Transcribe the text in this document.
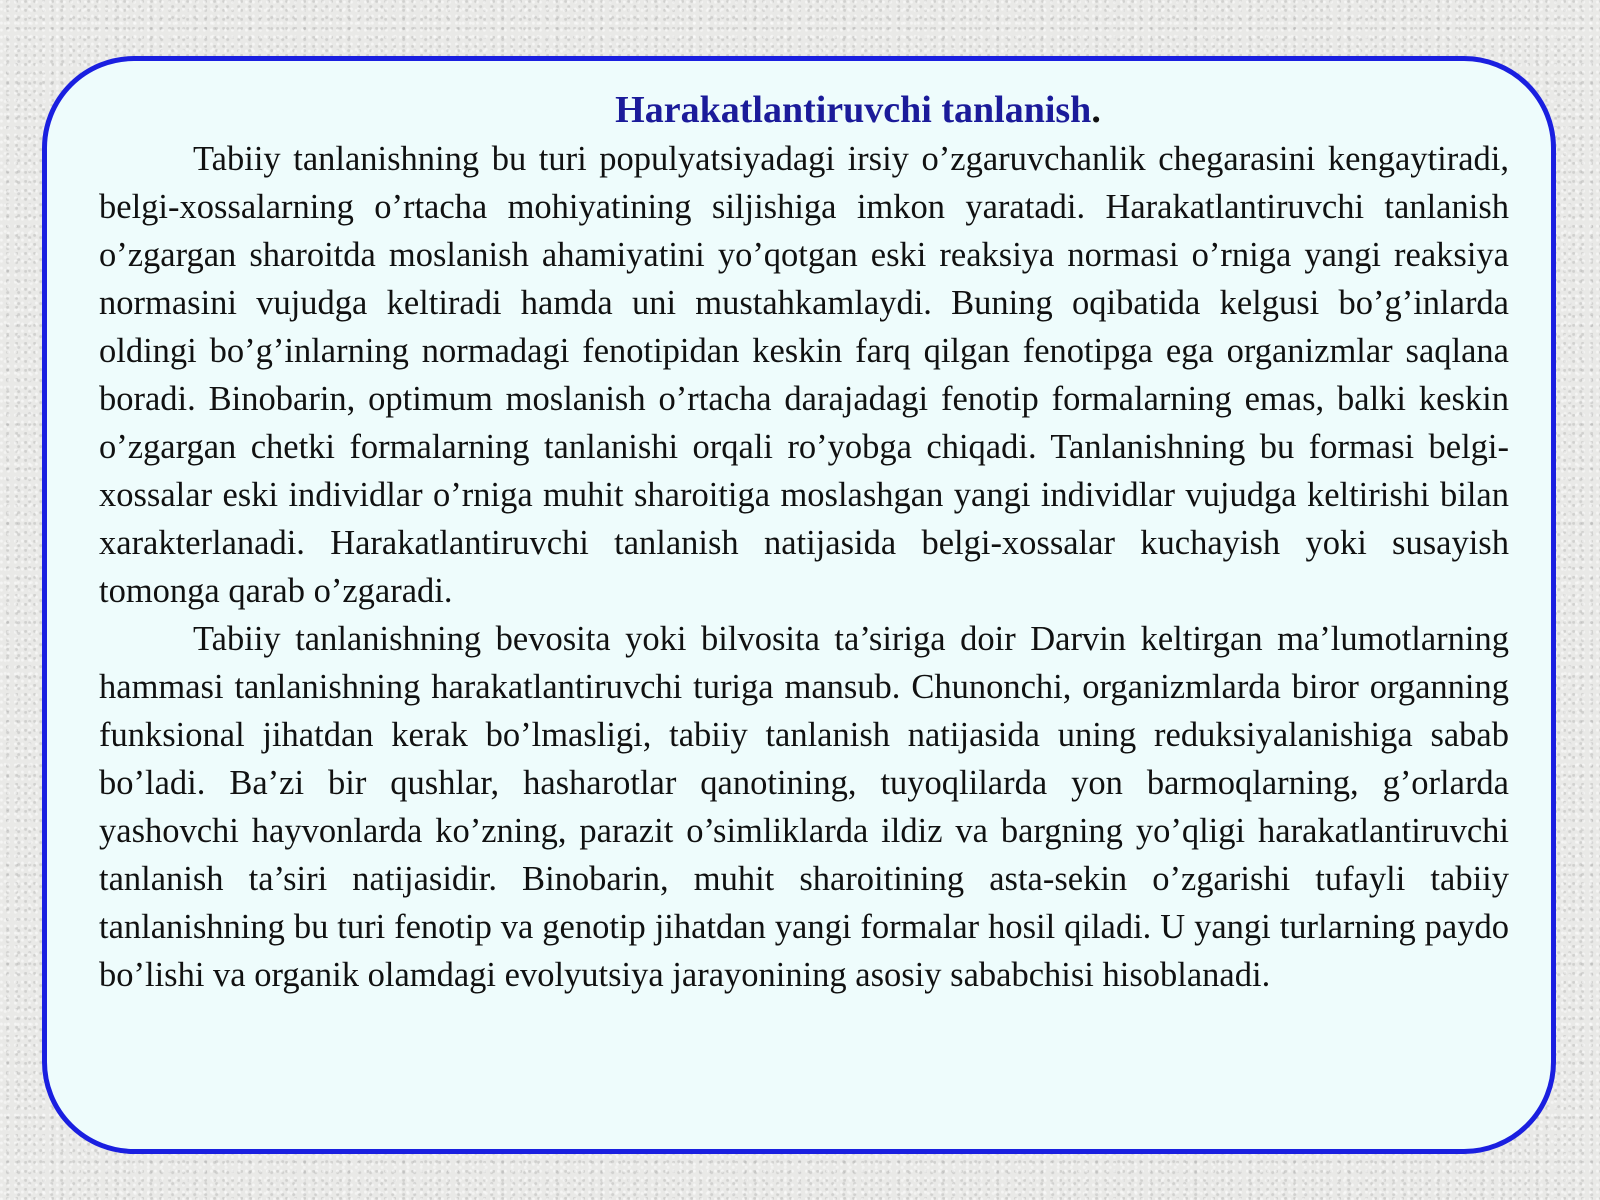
Harakatlantiruvchi tanlanish.

Tabiiy tanlanishning bu turi populyatsiyadagi irsiy o’zgaruvchanlik chegarasini kengaytiradi, belgi-xossalarning o’rtacha mohiyatining siljishiga imkon yaratadi. Harakatlantiruvchi tanlanish o’zgargan sharoitda moslanish ahamiyatini yo’qotgan eski reaksiya normasi o’rniga yangi reaksiya normasini vujudga keltiradi hamda uni mustahkamlaydi. Buning oqibatida kelgusi bo’g’inlarda oldingi bo’g’inlarning normadagi fenotipidan keskin farq qilgan fenotipga ega organizmlar saqlana boradi. Binobarin, optimum moslanish o’rtacha darajadagi fenotip formalarning emas, balki keskin o’zgargan chetki formalarning tanlanishi orqali ro’yobga chiqadi. Tanlanishning bu formasi belgi-xossalar eski individlar o’rniga muhit sharoitiga moslashgan yangi individlar vujudga keltirishi bilan xarakterlanadi. Harakatlantiruvchi tanlanish natijasida belgi-xossalar kuchayish yoki susayish tomonga qarab o’zgaradi.

Tabiiy tanlanishning bevosita yoki bilvosita ta’siriga doir Darvin keltirgan ma’lumotlarning hammasi tanlanishning harakatlantiruvchi turiga mansub. Chunonchi, organizmlarda biror organning funksional jihatdan kerak bo’lmasligi, tabiiy tanlanish natijasida uning reduksiyalanishiga sabab bo’ladi. Ba’zi bir qushlar, hasharotlar qanotining, tuyoqlilarda yon barmoqlarning, g’orlarda yashovchi hayvonlarda ko’zning, parazit o’simliklarda ildiz va bargning yo’qligi harakatlantiruvchi tanlanish ta’siri natijasidir. Binobarin, muhit sharoitining asta-sekin o’zgarishi tufayli tabiiy tanlanishning bu turi fenotip va genotip jihatdan yangi formalar hosil qiladi. U yangi turlarning paydo bo’lishi va organik olamdagi evolyutsiya jarayonining asosiy sababchisi hisoblanadi.
